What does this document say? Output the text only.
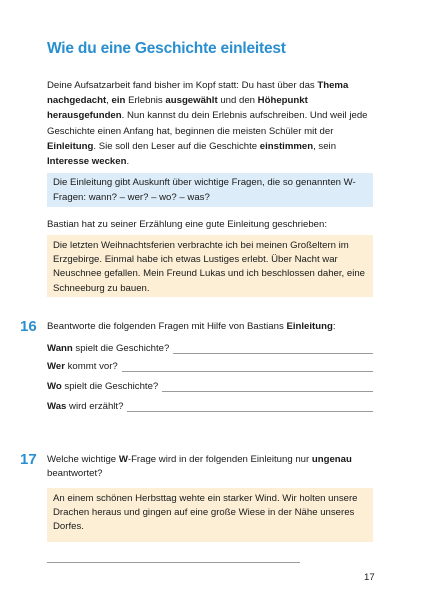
Wie du eine Geschichte einleitest
Deine Aufsatzarbeit fand bisher im Kopf statt: Du hast über das Thema nachgedacht, ein Erlebnis ausgewählt und den Höhepunkt herausgefunden. Nun kannst du dein Erlebnis aufschreiben. Und weil jede Geschichte einen Anfang hat, beginnen die meisten Schüler mit der Einleitung. Sie soll den Leser auf die Geschichte einstimmen, sein Interesse wecken.
Die Einleitung gibt Auskunft über wichtige Fragen, die so genannten W-Fragen: wann? – wer? – wo? – was?
Bastian hat zu seiner Erzählung eine gute Einleitung geschrieben:
Die letzten Weihnachtsferien verbrachte ich bei meinen Großeltern im Erzgebirge. Einmal habe ich etwas Lustiges erlebt. Über Nacht war Neuschnee gefallen. Mein Freund Lukas und ich beschlossen daher, eine Schneeburg zu bauen.
16 Beantworte die folgenden Fragen mit Hilfe von Bastians Einleitung:
Wann spielt die Geschichte?
Wer kommt vor?
Wo spielt die Geschichte?
Was wird erzählt?
17 Welche wichtige W-Frage wird in der folgenden Einleitung nur ungenau beantwortet?
An einem schönen Herbsttag wehte ein starker Wind. Wir holten unsere Drachen heraus und gingen auf eine große Wiese in der Nähe unseres Dorfes.
17
